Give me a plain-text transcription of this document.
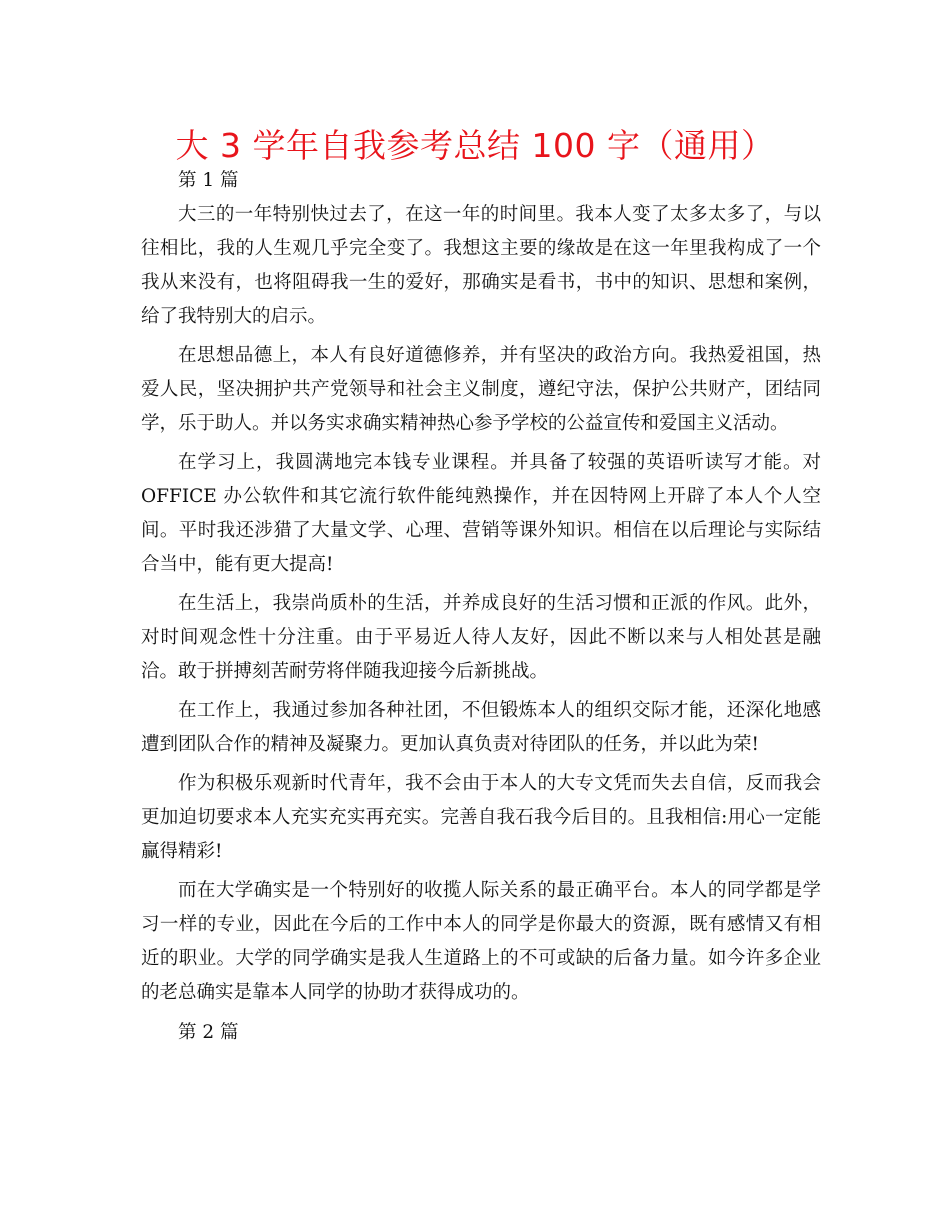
大 3 学年自我参考总结 100 字（通用）

第 1 篇

大三的一年特别快过去了，在这一年的时间里。我本人变了太多太多了，与以往相比，我的人生观几乎完全变了。我想这主要的缘故是在这一年里我构成了一个我从来没有，也将阻碍我一生的爱好，那确实是看书，书中的知识、思想和案例，给了我特别大的启示。

在思想品德上，本人有良好道德修养，并有坚决的政治方向。我热爱祖国，热爱人民，坚决拥护共产党领导和社会主义制度，遵纪守法，保护公共财产，团结同学，乐于助人。并以务实求确实精神热心参予学校的公益宣传和爱国主义活动。

在学习上，我圆满地完本钱专业课程。并具备了较强的英语听读写才能。对OFFICE 办公软件和其它流行软件能纯熟操作，并在因特网上开辟了本人个人空间。平时我还涉猎了大量文学、心理、营销等课外知识。相信在以后理论与实际结合当中，能有更大提高!

在生活上，我崇尚质朴的生活，并养成良好的生活习惯和正派的作风。此外，对时间观念性十分注重。由于平易近人待人友好，因此不断以来与人相处甚是融洽。敢于拼搏刻苦耐劳将伴随我迎接今后新挑战。

在工作上，我通过参加各种社团，不但锻炼本人的组织交际才能，还深化地感遭到团队合作的精神及凝聚力。更加认真负责对待团队的任务，并以此为荣!

作为积极乐观新时代青年，我不会由于本人的大专文凭而失去自信，反而我会更加迫切要求本人充实充实再充实。完善自我石我今后目的。且我相信:用心一定能赢得精彩!

而在大学确实是一个特别好的收揽人际关系的最正确平台。本人的同学都是学习一样的专业，因此在今后的工作中本人的同学是你最大的资源，既有感情又有相近的职业。大学的同学确实是我人生道路上的不可或缺的后备力量。如今许多企业的老总确实是靠本人同学的协助才获得成功的。

第 2 篇
